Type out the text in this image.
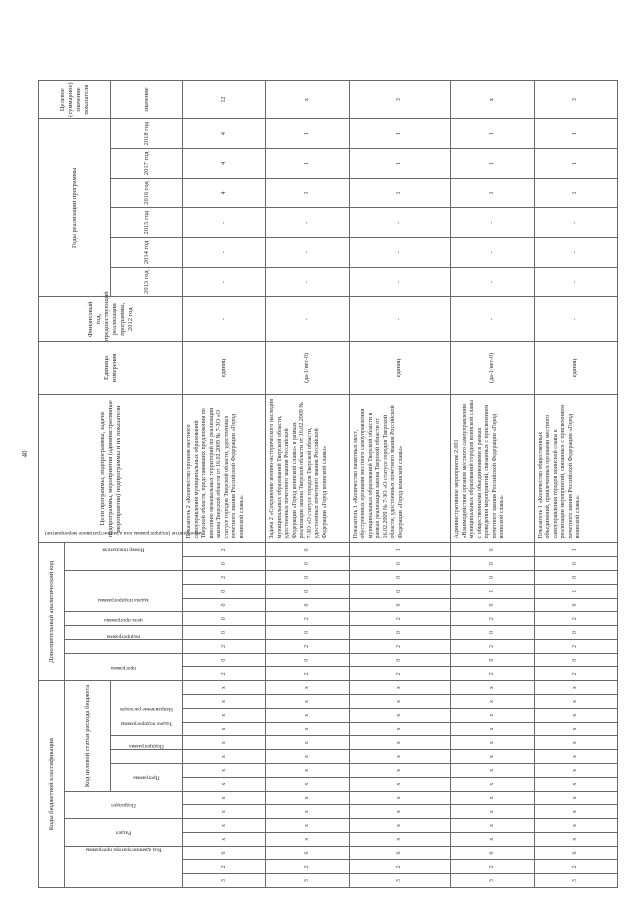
40
Коды бюджетной классификации															Дополнительный аналитический код										Цели программы, подпрограммы, задачи подпрограммы, мероприятия (административные мероприятия) подпрограммы и их показатели	Единица измерения	Финансовый год, предшествующий реализации программы, 2012 год	Годы реализации программы						Целевое (суммарное) значение показателя
Код администратора программы			Раздел		Подраздел		Код целевой статьи расхода бюджета								программа		подпрограмма	цель программы	задача подпрограммы	мероприятие (подпрограммы или административное мероприятие)			Номер показателя											
							Программа		Подпрограмма	Задача подпрограммы	Направление расходов																	2013 год	2014 год	2015 год	2016 год	2017 год	2018 год	значение
3	2	6	х	х	х	х	х	х	х	х	х	х	х	х	2	0	2	0	0	0	0	2	0	2	Показатель 2 «Количество органов местного самоуправления муниципальных образований Тверской области, представивших предложения по внесению межевальных территорий по реализации закона Тверской области от 16.02.2009 № 7-ЗО «О статусе городов Тверской области, удостоенных почетного звания Российской Федерации «Город воинской славы»	единиц	-	-	-	-	4	4	4	12
3	2	6	х	х	х	х	х	х	х	х	х	х	х	х	2	0	2	0	2	0	0	0	0	0	Задача 2 «Сохранение военно-исторического наследия муниципальных образований Тверской области, удостоенных почетного звания Российской Федерации «Город воинской славы» в рамках реализации закона Тверской области от 16.02.2009 № 7-ЗО «О статусе городов Тверской области, удостоенных почетного звания Российской Федерации «Город воинской славы»	(да-1/нет-0)	-	-	-	-	1	1	1	х
3	2	6	х	х	х	х	х	х	х	х	х	х	х	х	2	0	2	0	2	0	0	0	0	1	Показатель 1 «Количество памятных мест, обустроенных органами местного самоуправления муниципальных образований Тверской области в рамках реализации закона Тверской области от 16.02.2009 № 7-ЗО «О статусе городов Тверской области, удостоенных почетного звания Российской Федерации «Город воинской славы»	единиц	-	-	-	-	1	1	1	3
3	2	6	х	х	х	х	х	х	х	х	х	х	х	х	2	0	2	0	2	0	1	0	0	0	Административное мероприятие 2.001 «Взаимодействие органов местного самоуправления муниципальных образований городов воинской славы с общественными объединениями в рамках проведения мероприятий, связанных с присвоением почетного звания Российской Федерации «Город воинской славы»	(да-1/нет-0)	-	-	-	-	1	1	1	х
3	2	6	х	х	х	х	х	х	х	х	х	х	х	х	2	0	2	0	2	0	1	0	0	1	Показатель 1 «Количество общественных объединений, привлеченных органами местного самоуправления городов воинской славы к реализации мероприятий, связанных с присвоением почетного звания Российской Федерации «Город воинской славы»	единиц	-	-	-	-	1	1	1	3
